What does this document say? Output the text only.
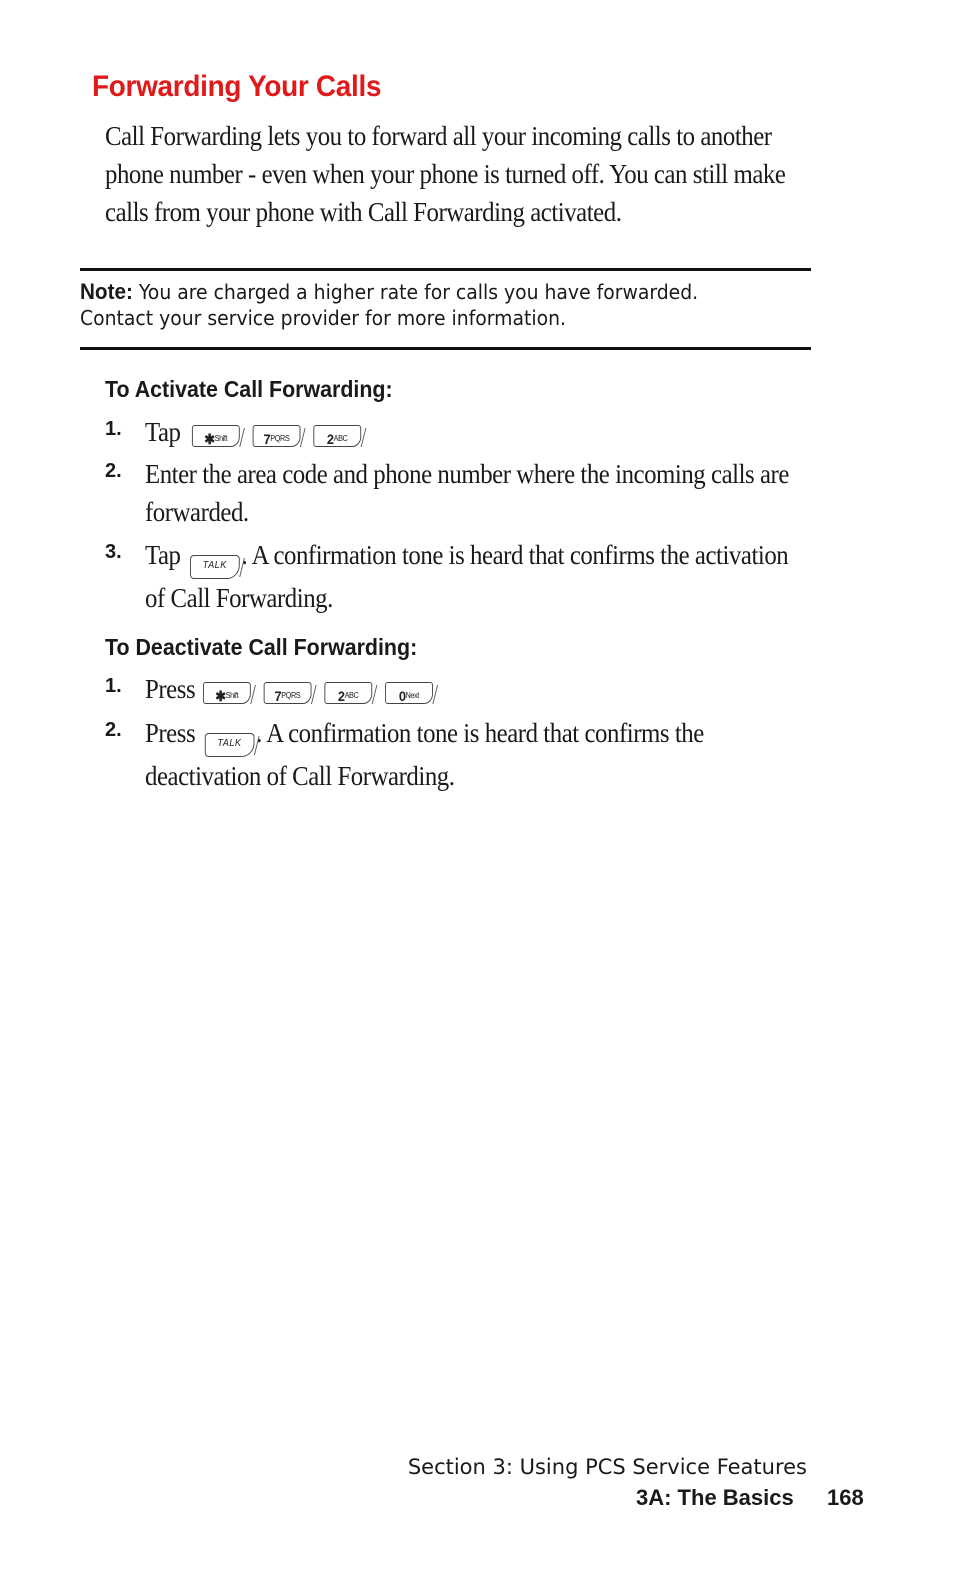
Forwarding Your Calls

Call Forwarding lets you to forward all your incoming calls to another
phone number - even when your phone is turned off. You can still make
calls from your phone with Call Forwarding activated.

Note: You are charged a higher rate for calls you have forwarded. Contact your service provider for more information.

To Activate Call Forwarding:
1. Tap ✱Shift	7PQRS	2ABC

2. Enter the area code and phone number where the incoming calls are
forwarded.

3. Tap TALK . A confirmation tone is heard that confirms the activation
of Call Forwarding.

To Deactivate Call Forwarding:
1. Press ✱Shift	7PQRS	2ABC	0Next

2. Press TALK . A confirmation tone is heard that confirms the
deactivation of Call Forwarding.

Section 3: Using PCS Service Features

3A: The Basics 168
